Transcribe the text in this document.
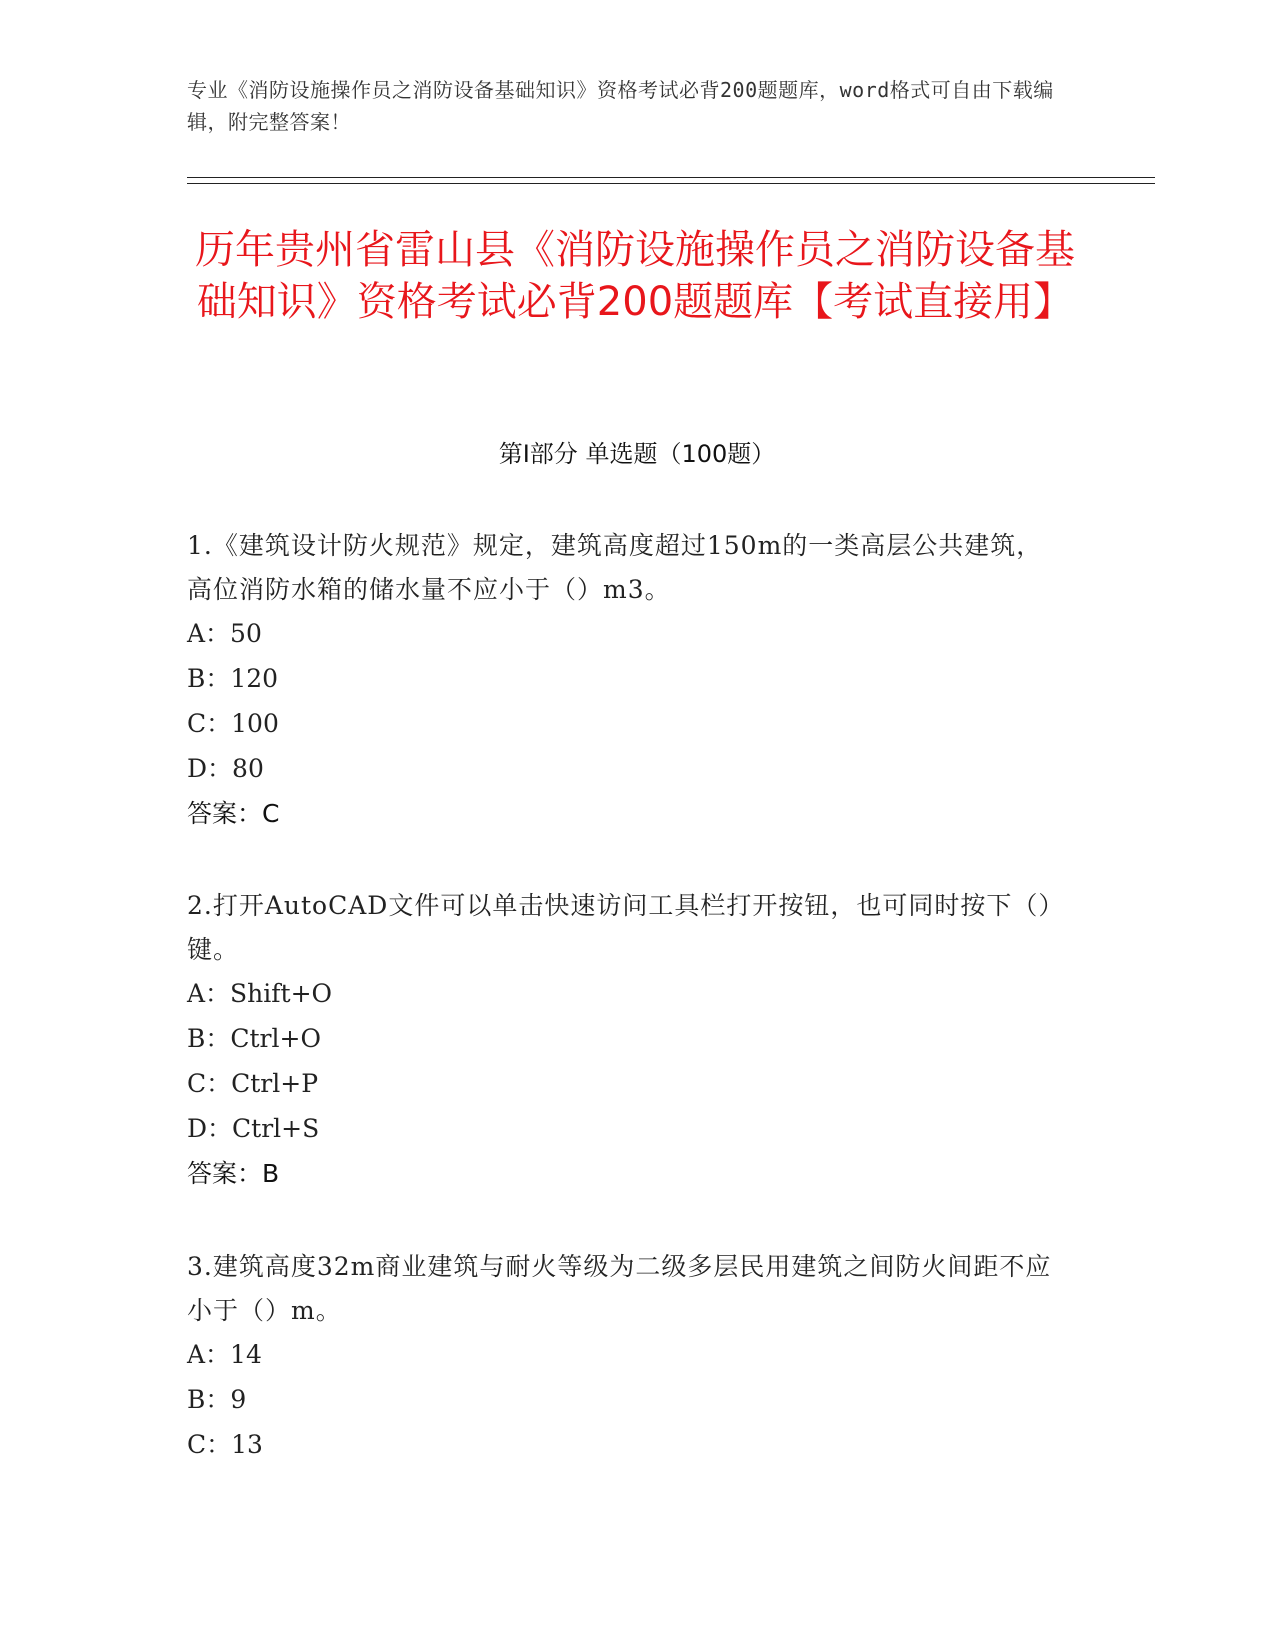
专业《消防设施操作员之消防设备基础知识》资格考试必背200题题库，word格式可自由下载编辑，附完整答案！
历年贵州省雷山县《消防设施操作员之消防设备基础知识》资格考试必背200题题库【考试直接用】
第Ⅰ部分 单选题（100题）
1.《建筑设计防火规范》规定，建筑高度超过150m的一类高层公共建筑，高位消防水箱的储水量不应小于（）m3。
A：50
B：120
C：100
D：80
答案：C
2.打开AutoCAD文件可以单击快速访问工具栏打开按钮，也可同时按下（）键。
A：Shift+O
B：Ctrl+O
C：Ctrl+P
D：Ctrl+S
答案：B
3.建筑高度32m商业建筑与耐火等级为二级多层民用建筑之间防火间距不应小于（）m。
A：14
B：9
C：13
